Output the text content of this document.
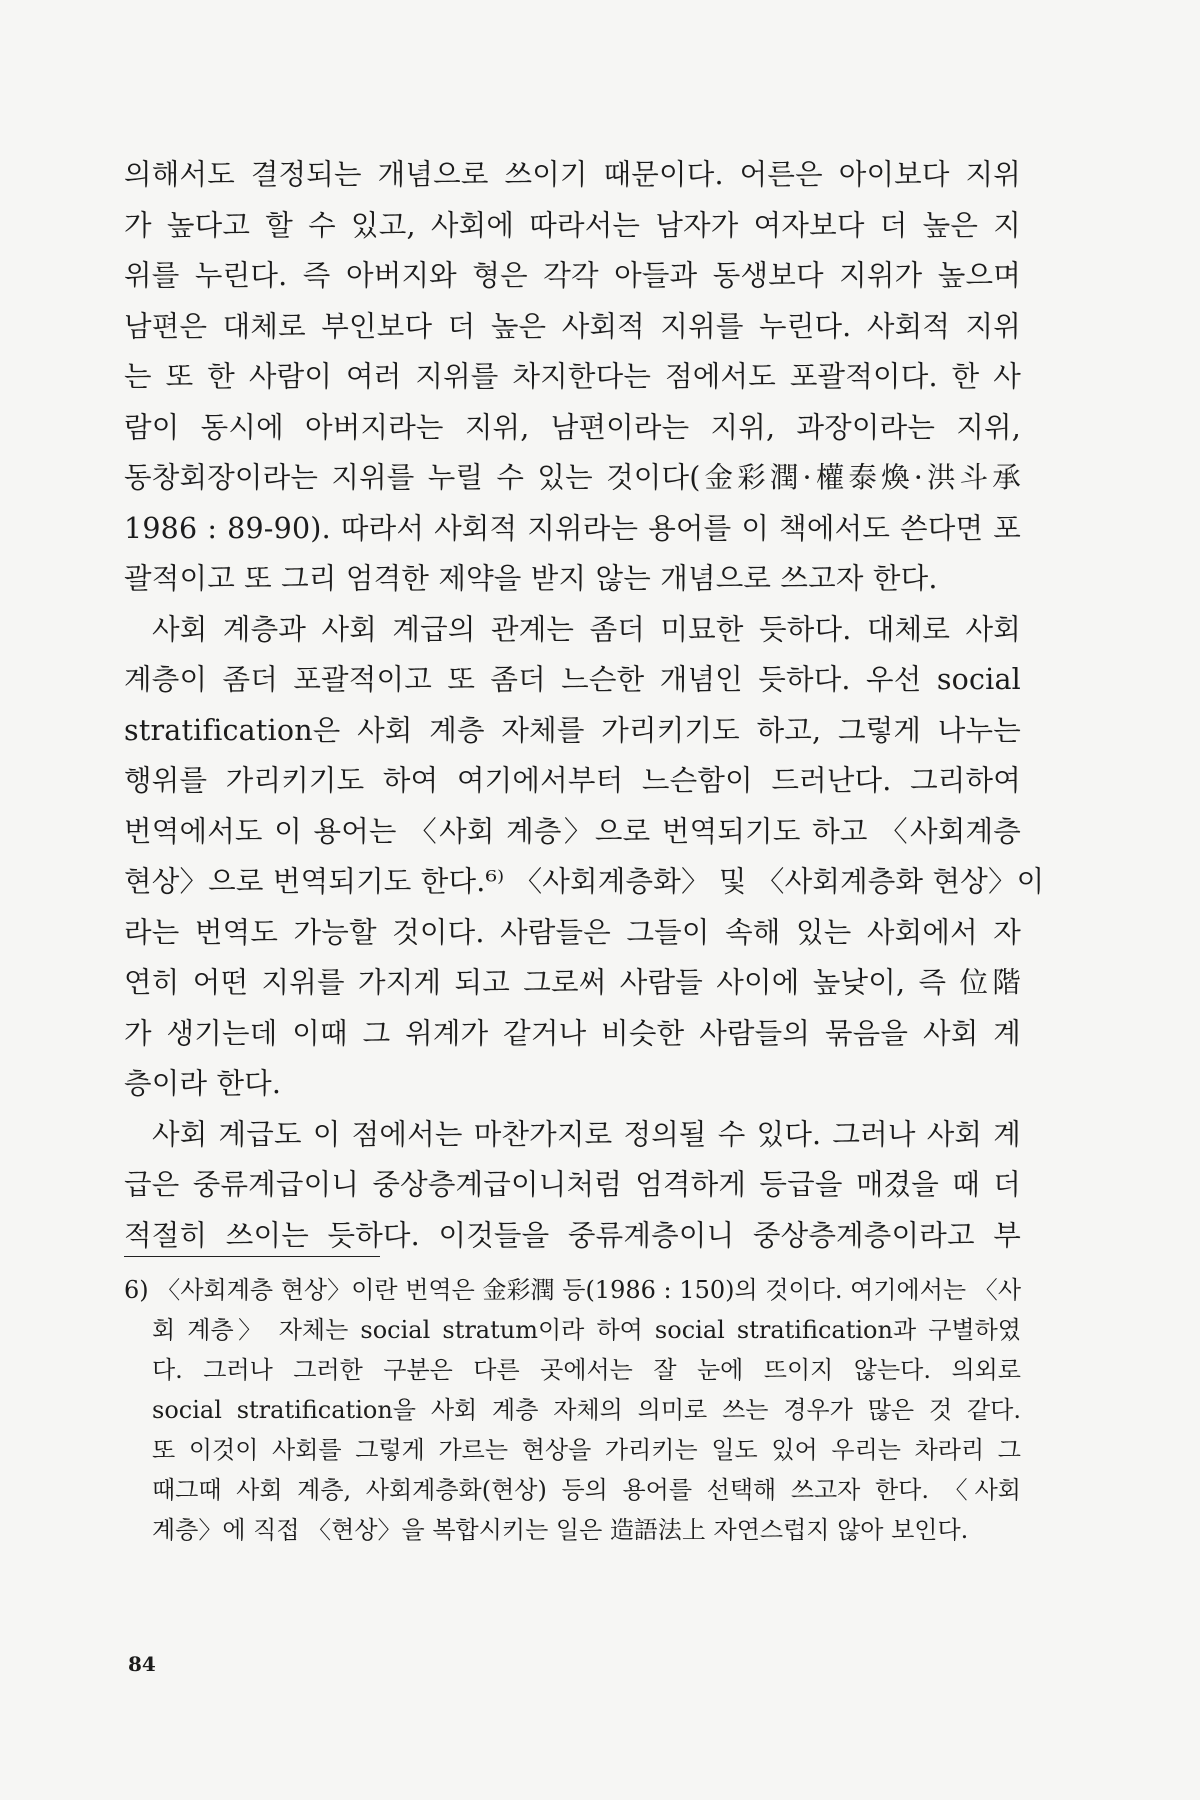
의해서도 결정되는 개념으로 쓰이기 때문이다. 어른은 아이보다 지위
가 높다고 할 수 있고, 사회에 따라서는 남자가 여자보다 더 높은 지
위를 누린다. 즉 아버지와 형은 각각 아들과 동생보다 지위가 높으며
남편은 대체로 부인보다 더 높은 사회적 지위를 누린다. 사회적 지위
는 또 한 사람이 여러 지위를 차지한다는 점에서도 포괄적이다. 한 사
람이 동시에 아버지라는 지위, 남편이라는 지위, 과장이라는 지위,
동창회장이라는 지위를 누릴 수 있는 것이다(金彩潤·權泰煥·洪斗承
1986 : 89-90). 따라서 사회적 지위라는 용어를 이 책에서도 쓴다면 포
괄적이고 또 그리 엄격한 제약을 받지 않는 개념으로 쓰고자 한다.

사회 계층과 사회 계급의 관계는 좀더 미묘한 듯하다. 대체로 사회
계층이 좀더 포괄적이고 또 좀더 느슨한 개념인 듯하다. 우선 social
stratification은 사회 계층 자체를 가리키기도 하고, 그렇게 나누는
행위를 가리키기도 하여 여기에서부터 느슨함이 드러난다. 그리하여
번역에서도 이 용어는 〈사회 계층〉으로 번역되기도 하고 〈사회계층
현상〉으로 번역되기도 한다.⁶⁾ 〈사회계층화〉 및 〈사회계층화 현상〉이
라는 번역도 가능할 것이다. 사람들은 그들이 속해 있는 사회에서 자
연히 어떤 지위를 가지게 되고 그로써 사람들 사이에 높낮이, 즉 位階
가 생기는데 이때 그 위계가 같거나 비슷한 사람들의 묶음을 사회 계
층이라 한다.

사회 계급도 이 점에서는 마찬가지로 정의될 수 있다. 그러나 사회 계
급은 중류계급이니 중상층계급이니처럼 엄격하게 등급을 매겼을 때 더
적절히 쓰이는 듯하다. 이것들을 중류계층이니 중상층계층이라고 부

6) 〈사회계층 현상〉이란 번역은 金彩潤 등(1986 : 150)의 것이다. 여기에서는 〈사
회 계층〉 자체는 social stratum이라 하여 social stratification과 구별하였
다. 그러나 그러한 구분은 다른 곳에서는 잘 눈에 뜨이지 않는다. 의외로
social stratification을 사회 계층 자체의 의미로 쓰는 경우가 많은 것 같다.
또 이것이 사회를 그렇게 가르는 현상을 가리키는 일도 있어 우리는 차라리 그
때그때 사회 계층, 사회계층화(현상) 등의 용어를 선택해 쓰고자 한다. 〈사회
계층〉에 직접 〈현상〉을 복합시키는 일은 造語法上 자연스럽지 않아 보인다.
84
